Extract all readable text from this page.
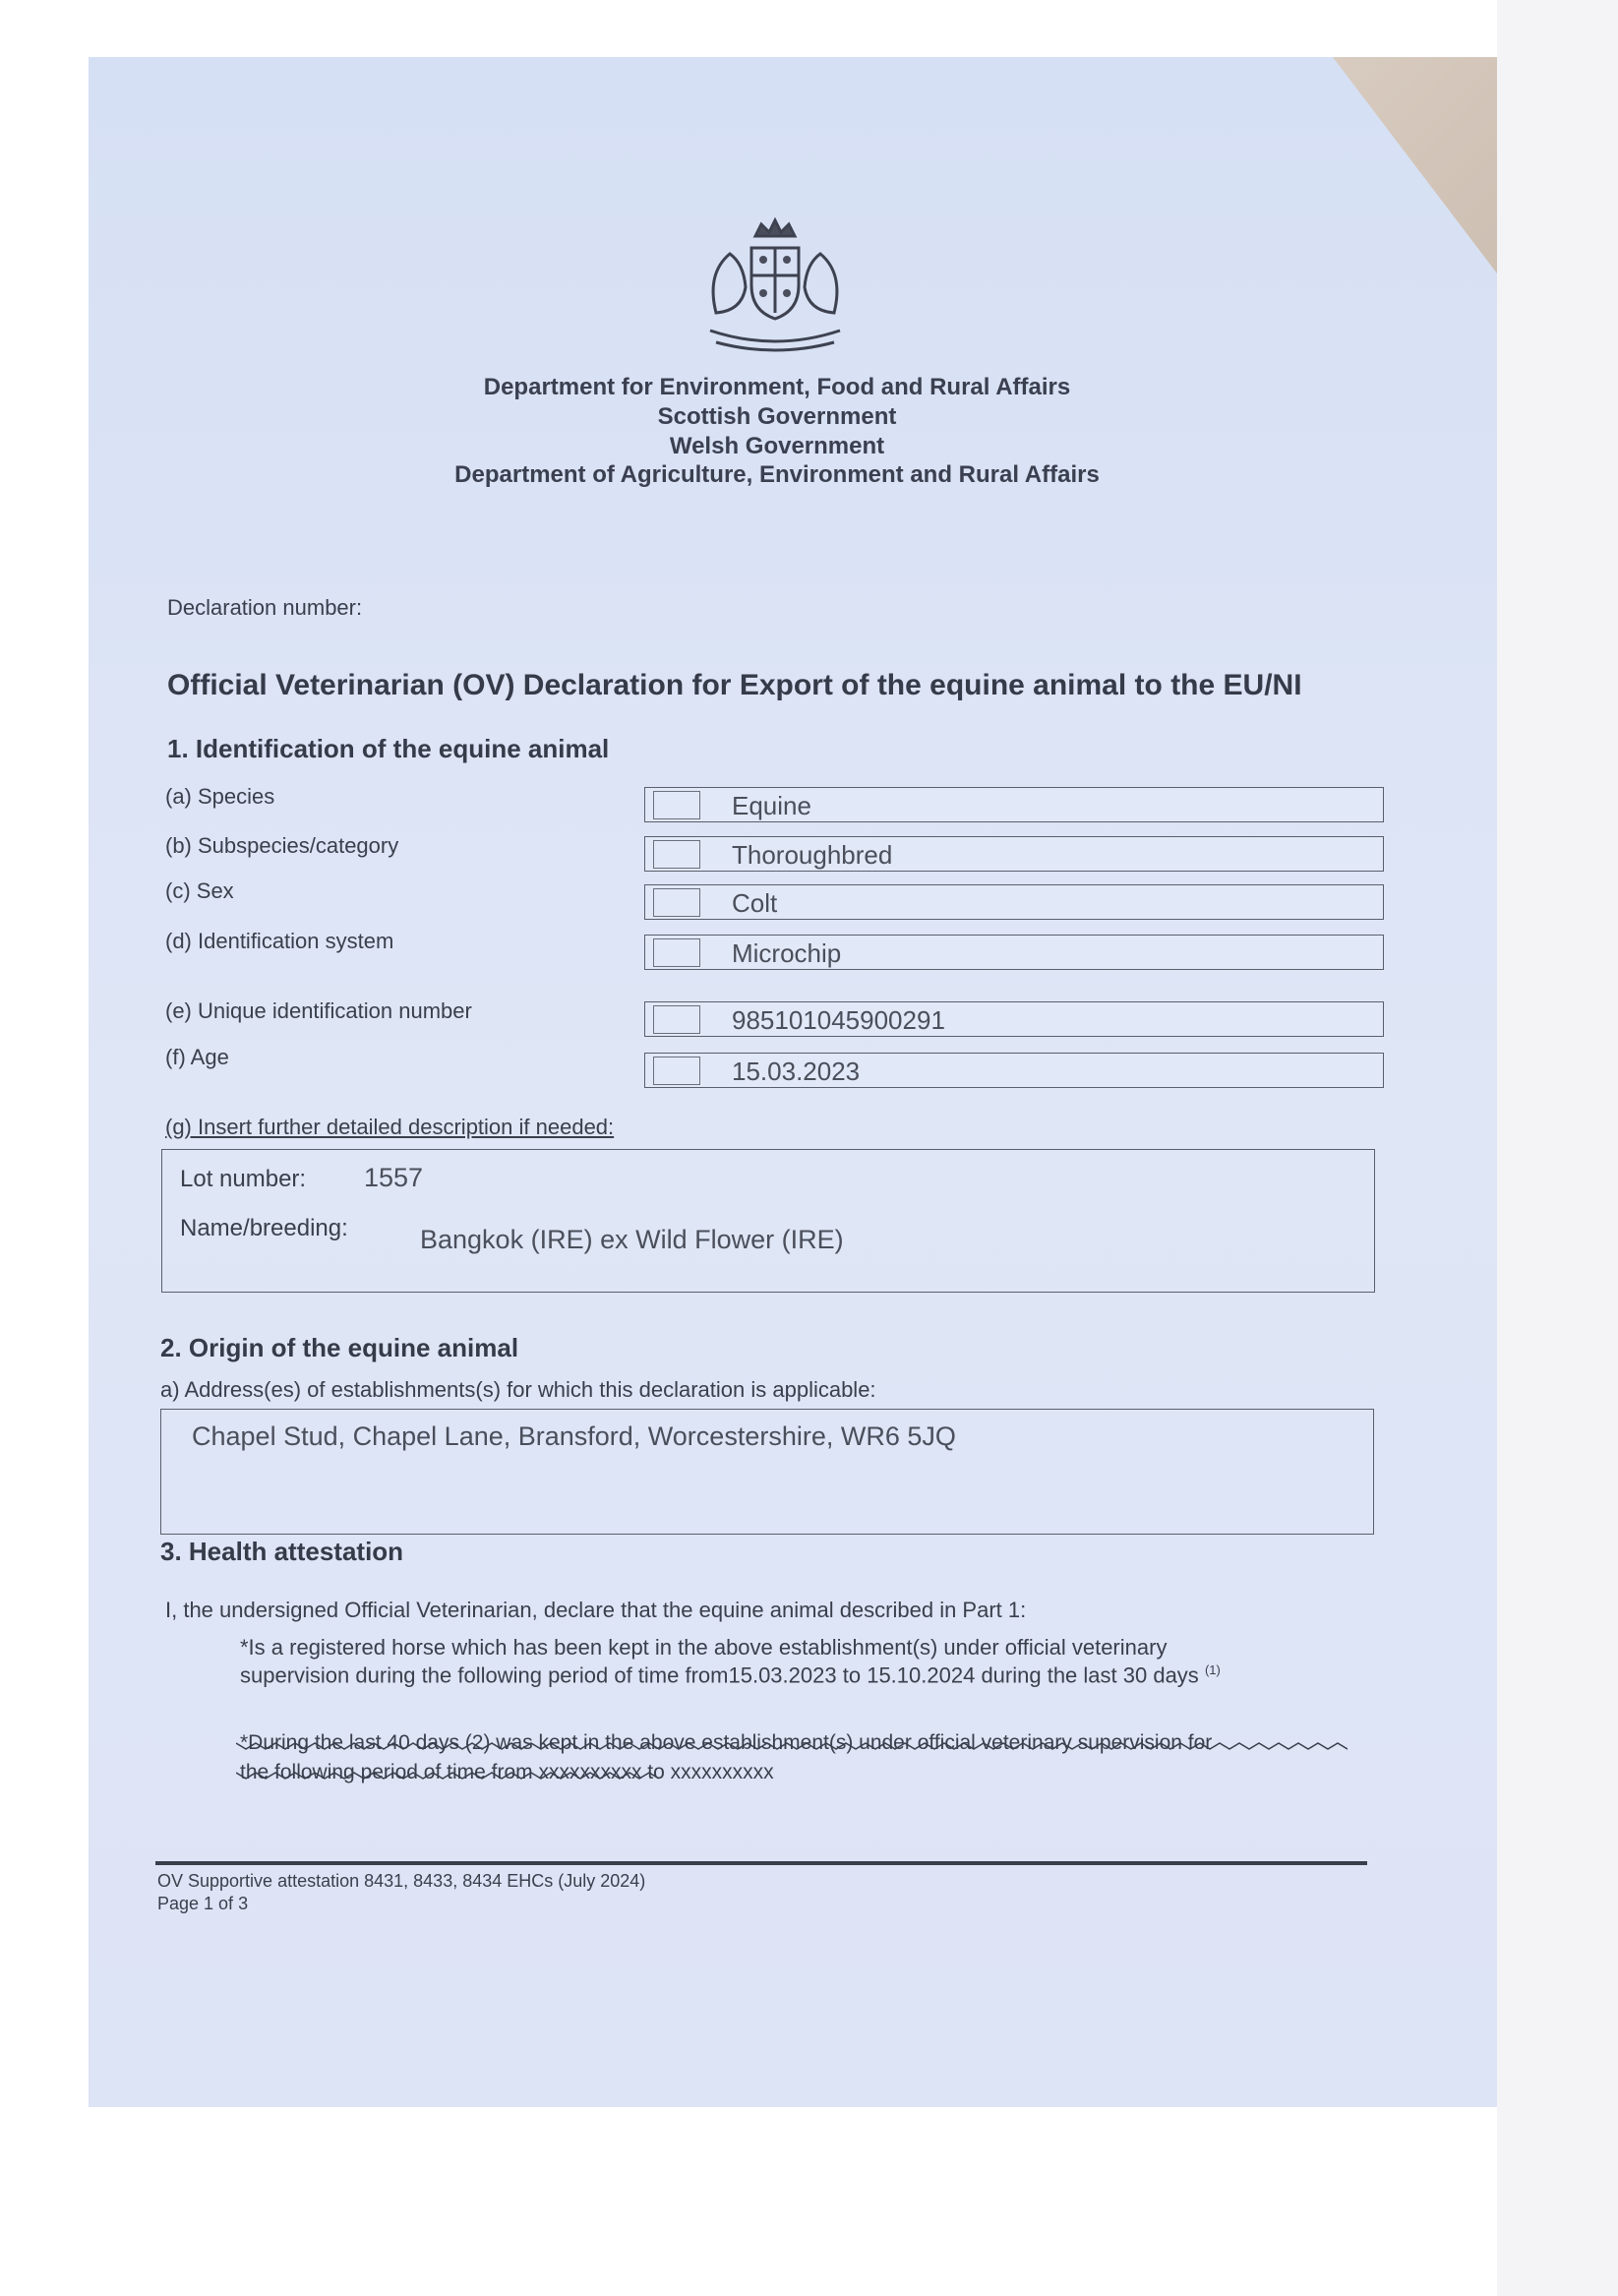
Department for Environment, Food and Rural Affairs
Scottish Government
Welsh Government
Department of Agriculture, Environment and Rural Affairs
Declaration number:
Official Veterinarian (OV) Declaration for Export of the equine animal to the EU/NI
1. Identification of the equine animal
(a) Species	Equine
(b) Subspecies/category	Thoroughbred
(c) Sex	Colt
(d) Identification system	Microchip
(e) Unique identification number	985101045900291
(f) Age	15.03.2023
(g) Insert further detailed description if needed:
Lot number: 1557
Name/breeding:	Bangkok (IRE) ex Wild Flower (IRE)
2. Origin of the equine animal
a) Address(es) of establishments(s) for which this declaration is applicable:
Chapel Stud, Chapel Lane, Bransford, Worcestershire, WR6 5JQ
3. Health attestation
I, the undersigned Official Veterinarian, declare that the equine animal described in Part 1:
*Is a registered horse which has been kept in the above establishment(s) under official veterinary
supervision during the following period of time from15.03.2023 to 15.10.2024 during the last 30 days $^{(1)}$
*During the last 40 days (2) was kept in the above establishment(s) under official veterinary supervision for
the following period of time from xxxxxxxxxx to xxxxxxxxxx
OV Supportive attestation 8431, 8433, 8434 EHCs (July 2024)
Page 1 of 3
